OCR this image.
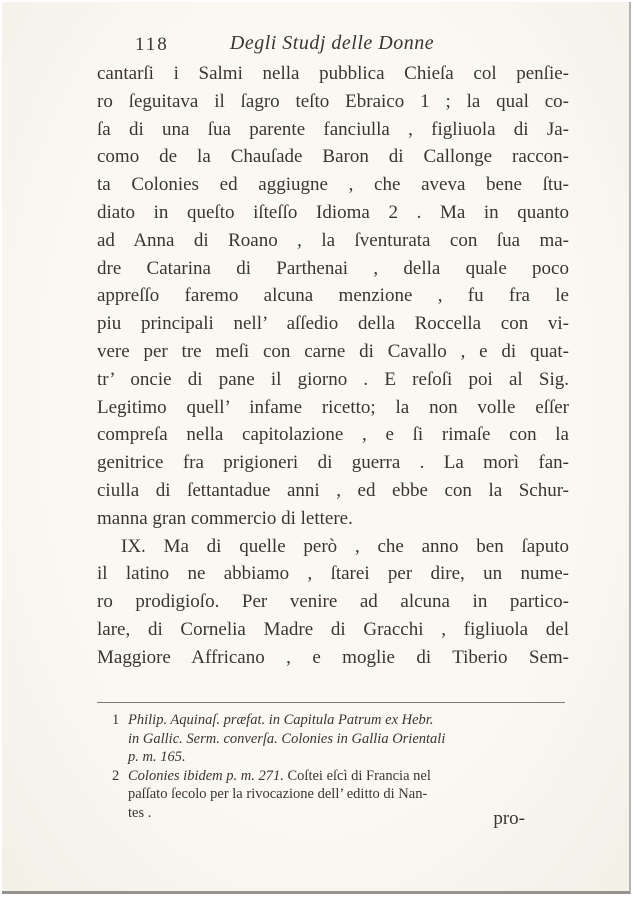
118	Degli Studj delle Donne
cantarſi i Salmi nella pubblica Chieſa col penſie-
ro ſeguitava il ſagro teſto Ebraico 1 ; la qual co-
ſa di una ſua parente fanciulla , figliuola di Ja-
como de la Chauſade Baron di Callonge raccon-
ta Colonies ed aggiugne , che aveva bene ſtu-
diato in queſto iſteſſo Idioma 2 . Ma in quanto
ad Anna di Roano , la ſventurata con ſua ma-
dre Catarina di Parthenai , della quale poco
appreſſo faremo alcuna menzione , fu fra le
piu principali nell’ aſſedio della Roccella con vi-
vere per tre meſi con carne di Cavallo , e di quat-
tr’ oncie di pane il giorno . E reſoſi poi al Sig.
Legitimo quell’ infame ricetto; la non volle eſſer
compreſa nella capitolazione , e ſi rimaſe con la
genitrice fra prigioneri di guerra . La morì fan-
ciulla di ſettantadue anni , ed ebbe con la Schur-
manna gran commercio di lettere.
IX. Ma di quelle però , che anno ben ſaputo
il latino ne abbiamo , ſtarei per dire, un nume-
ro prodigioſo. Per venire ad alcuna in partico-
lare, di Cornelia Madre di Gracchi , figliuola del
Maggiore Affricano , e moglie di Tiberio Sem-
1 Philip. Aquinaſ. præfat. in Capitula Patrum ex Hebr.
in Gallic. Serm. converſa. Colonies in Gallia Orientali
p. m. 165.
2 Colonies ibidem p. m. 271. Coſtei eſcì di Francia nel
paſſato ſecolo per la rivocazione dell’ editto di Nan-
tes .	pro-
